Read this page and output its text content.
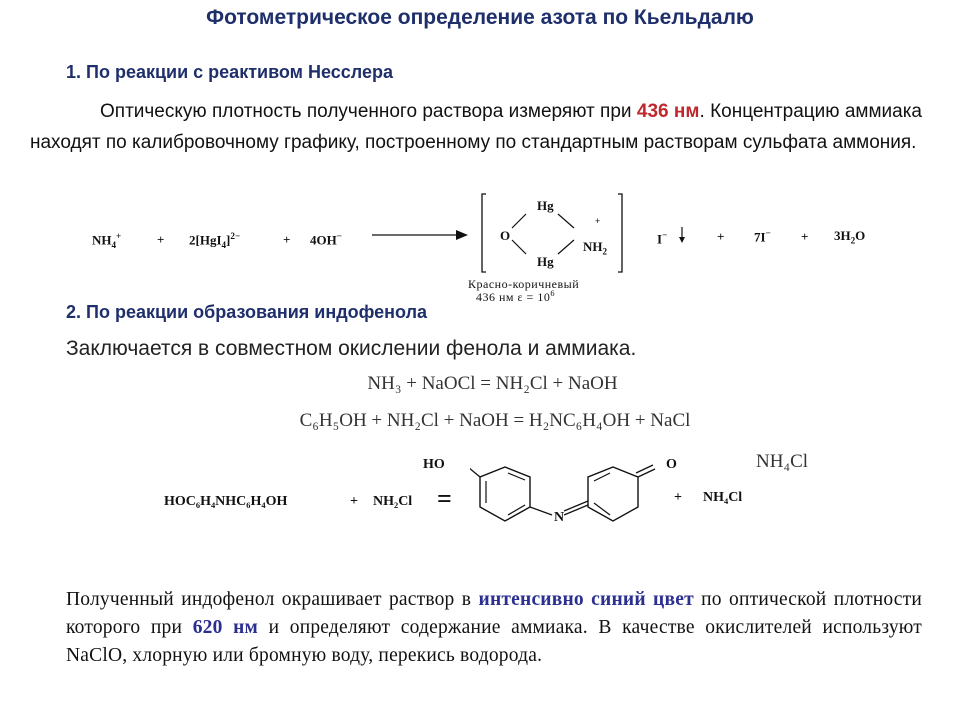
Фотометрическое определение азота по Кьельдалю
1. По реакции с реактивом Несслера
Оптическую плотность полученного раствора измеряют при 436 нм. Концентрацию аммиака находят по калибровочному графику, построенному по стандартным растворам сульфата аммония.
$NH_4^+$	+ $2[HgI_4]^{2-}$	+ 4OH−
Hg
O
+
$NH_2$
Hg
I−	+ $7I^- + 3H_2O$
Красно-коричневый
436 нм $\varepsilon = 10^6$
2. По реакции образования индофенола
Заключается в совместном окислении фенола и аммиака.
NH₃ + NaOCl = NH₂Cl + NaOH
C₆H₅OH + NH₂Cl + NaOH = H₂NC₆H₄OH + NaCl
NH₄Cl
HOC₆H₄NHC₆H₄OH	+ NH₂Cl =
HO
N
O
+ NH₄Cl
Полученный индофенол окрашивает раствор в интенсивно синий цвет по оптической плотности которого при 620 нм и определяют содержание аммиака. В качестве окислителей используют NaClO, хлорную или бромную воду, перекись водорода.
